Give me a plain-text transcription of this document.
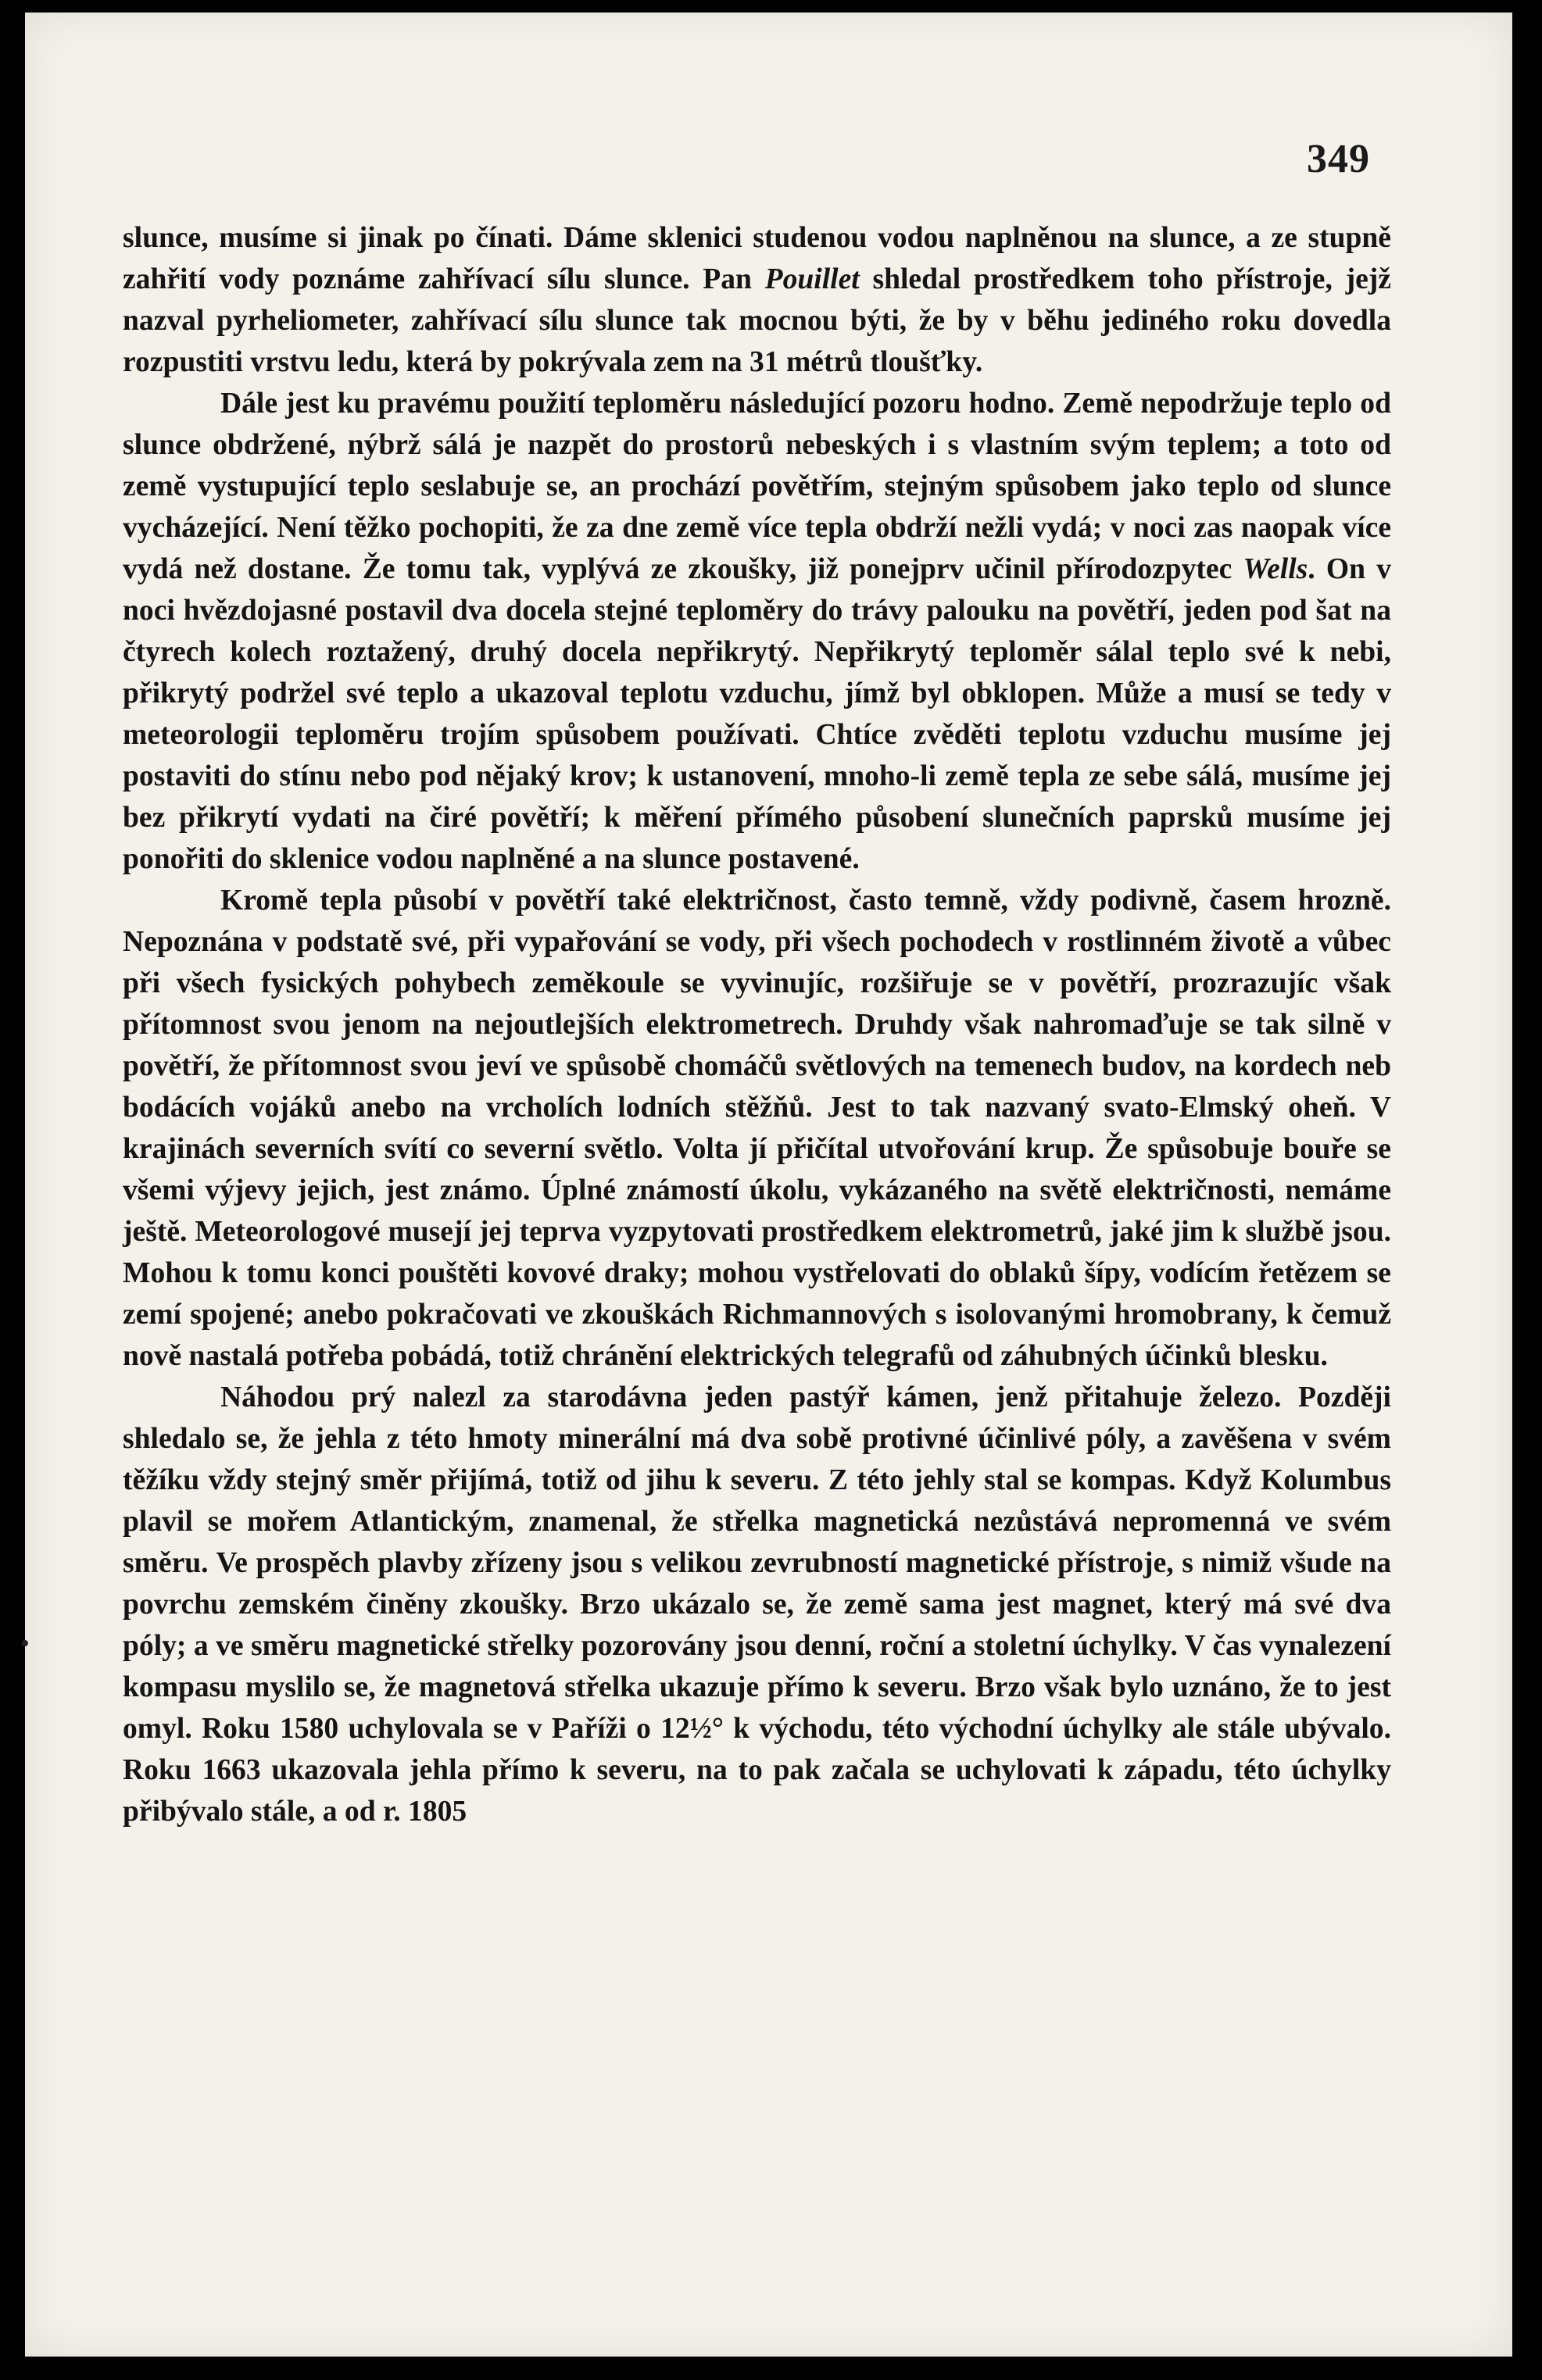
349

slunce, musíme si jinak po čínati. Dáme sklenici studenou vodou naplněnou na slunce, a ze stupně zahřití vody poznáme zahřívací sílu slunce. Pan Pouillet shledal prostředkem toho přístroje, jejž nazval pyrheliometer, zahřívací sílu slunce tak mocnou býti, že by v běhu jediného roku dovedla rozpustiti vrstvu ledu, která by pokrývala zem na 31 métrů tloušťky.

Dále jest ku pravému použití teploměru následující pozoru hodno. Země nepodržuje teplo od slunce obdržené, nýbrž sálá je nazpět do prostorů nebeských i s vlastním svým teplem; a toto od země vystupující teplo seslabuje se, an prochází povětřím, stejným spůsobem jako teplo od slunce vycházející. Není těžko pochopiti, že za dne země více tepla obdrží nežli vydá; v noci zas naopak více vydá než dostane. Že tomu tak, vyplývá ze zkoušky, již ponejprv učinil přírodozpytec Wells. On v noci hvězdojasné postavil dva docela stejné teploměry do trávy palouku na povětří, jeden pod šat na čtyrech kolech roztažený, druhý docela nepřikrytý. Nepřikrytý teploměr sálal teplo své k nebi, přikrytý podržel své teplo a ukazoval teplotu vzduchu, jímž byl obklopen. Může a musí se tedy v meteorologii teploměru trojím spůsobem používati. Chtíce zvěděti teplotu vzduchu musíme jej postaviti do stínu nebo pod nějaký krov; k ustanovení, mnoho-li země tepla ze sebe sálá, musíme jej bez přikrytí vydati na čiré povětří; k měření přímého působení slunečních paprsků musíme jej ponořiti do sklenice vodou naplněné a na slunce postavené.

Kromě tepla působí v povětří také električnost, často temně, vždy podivně, časem hrozně. Nepoznána v podstatě své, při vypařování se vody, při všech pochodech v rostlinném životě a vůbec při všech fysických pohybech zeměkoule se vyvinujíc, rozšiřuje se v povětří, prozrazujíc však přítomnost svou jenom na nejoutlejších elektrometrech. Druhdy však nahromaďuje se tak silně v povětří, že přítomnost svou jeví ve spůsobě chomáčů světlových na temenech budov, na kordech neb bodácích vojáků anebo na vrcholích lodních stěžňů. Jest to tak nazvaný svato-Elmský oheň. V krajinách severních svítí co severní světlo. Volta jí přičítal utvořování krup. Že spůsobuje bouře se všemi výjevy jejich, jest známo. Úplné známostí úkolu, vykázaného na světě električnosti, nemáme ještě. Meteorologové musejí jej teprva vyzpytovati prostředkem elektrometrů, jaké jim k službě jsou. Mohou k tomu konci pouštěti kovové draky; mohou vystřelovati do oblaků šípy, vodícím řetězem se zemí spojené; anebo pokračovati ve zkouškách Richmannových s isolovanými hromobrany, k čemuž nově nastalá potřeba pobádá, totiž chránění elektrických telegrafů od záhubných účinků blesku.

Náhodou prý nalezl za starodávna jeden pastýř kámen, jenž přitahuje železo. Později shledalo se, že jehla z této hmoty minerální má dva sobě protivné účinlivé póly, a zavěšena v svém těžíku vždy stejný směr přijímá, totiž od jihu k severu. Z této jehly stal se kompas. Když Kolumbus plavil se mořem Atlantickým, znamenal, že střelka magnetická nezůstává nepromenná ve svém směru. Ve prospěch plavby zřízeny jsou s velikou zevrubností magnetické přístroje, s nimiž všude na povrchu zemském činěny zkoušky. Brzo ukázalo se, že země sama jest magnet, který má své dva póly; a ve směru magnetické střelky pozorovány jsou denní, roční a stoletní úchylky. V čas vynalezení kompasu myslilo se, že magnetová střelka ukazuje přímo k severu. Brzo však bylo uznáno, že to jest omyl. Roku 1580 uchylovala se v Paříži o 12½° k východu, této východní úchylky ale stále ubývalo. Roku 1663 ukazovala jehla přímo k severu, na to pak začala se uchylovati k západu, této úchylky přibývalo stále, a od r. 1805
